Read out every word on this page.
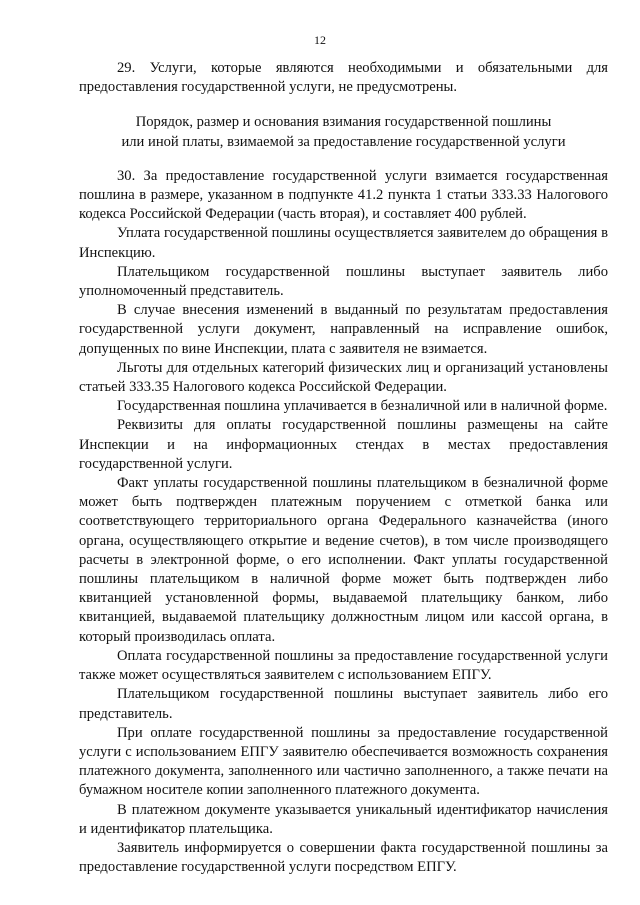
12

29. Услуги, которые являются необходимыми и обязательными для предоставления государственной услуги, не предусмотрены.

Порядок, размер и основания взимания государственной пошлины
или иной платы, взимаемой за предоставление государственной услуги

30. За предоставление государственной услуги взимается государственная пошлина в размере, указанном в подпункте 41.2 пункта 1 статьи 333.33 Налогового кодекса Российской Федерации (часть вторая), и составляет 400 рублей.

Уплата государственной пошлины осуществляется заявителем до обращения в Инспекцию.

Плательщиком государственной пошлины выступает заявитель либо уполномоченный представитель.

В случае внесения изменений в выданный по результатам предоставления государственной услуги документ, направленный на исправление ошибок, допущенных по вине Инспекции, плата с заявителя не взимается.

Льготы для отдельных категорий физических лиц и организаций установлены статьей 333.35 Налогового кодекса Российской Федерации.

Государственная пошлина уплачивается в безналичной или в наличной форме.

Реквизиты для оплаты государственной пошлины размещены на сайте Инспекции и на информационных стендах в местах предоставления государственной услуги.

Факт уплаты государственной пошлины плательщиком в безналичной форме может быть подтвержден платежным поручением с отметкой банка или соответствующего территориального органа Федерального казначейства (иного органа, осуществляющего открытие и ведение счетов), в том числе производящего расчеты в электронной форме, о его исполнении. Факт уплаты государственной пошлины плательщиком в наличной форме может быть подтвержден либо квитанцией установленной формы, выдаваемой плательщику банком, либо квитанцией, выдаваемой плательщику должностным лицом или кассой органа, в который производилась оплата.

Оплата государственной пошлины за предоставление государственной услуги также может осуществляться заявителем с использованием ЕПГУ.

Плательщиком государственной пошлины выступает заявитель либо его представитель.

При оплате государственной пошлины за предоставление государственной услуги с использованием ЕПГУ заявителю обеспечивается возможность сохранения платежного документа, заполненного или частично заполненного, а также печати на бумажном носителе копии заполненного платежного документа.

В платежном документе указывается уникальный идентификатор начисления и идентификатор плательщика.

Заявитель информируется о совершении факта государственной пошлины за предоставление государственной услуги посредством ЕПГУ.
